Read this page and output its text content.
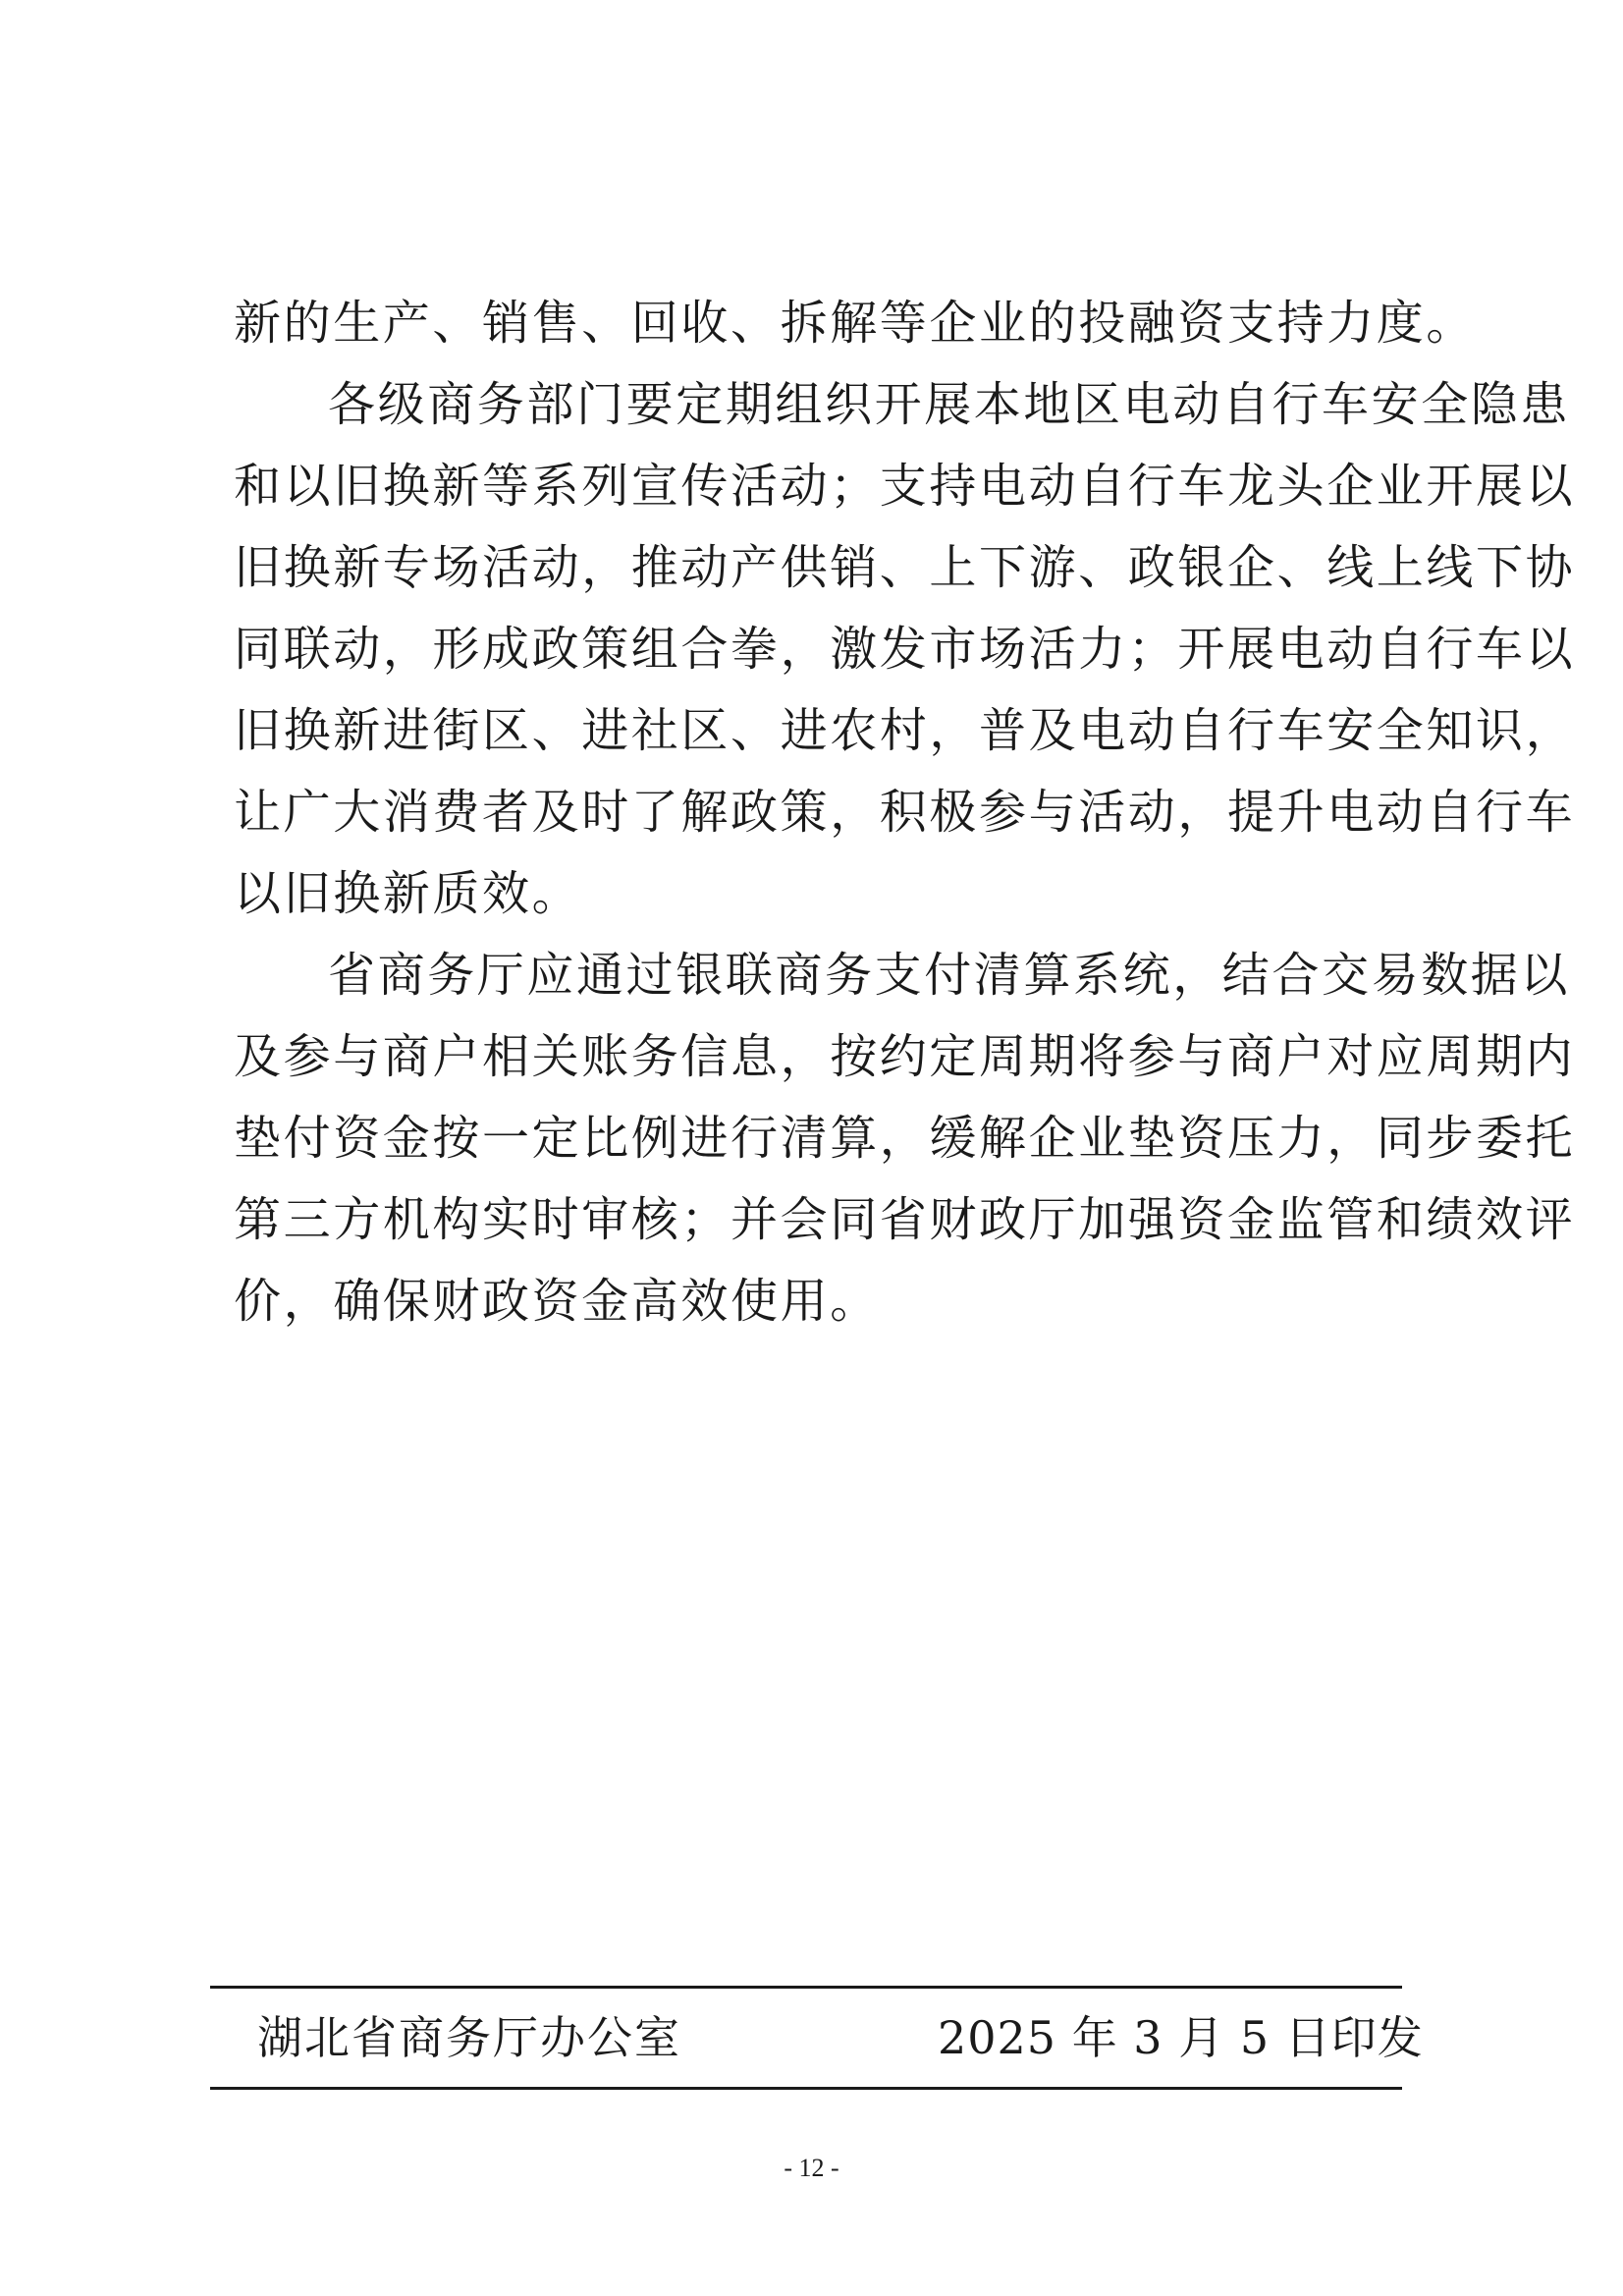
新的生产、销售、回收、拆解等企业的投融资支持力度。
各级商务部门要定期组织开展本地区电动自行车安全隐患
和以旧换新等系列宣传活动；支持电动自行车龙头企业开展以
旧换新专场活动，推动产供销、上下游、政银企、线上线下协
同联动，形成政策组合拳，激发市场活力；开展电动自行车以
旧换新进街区、进社区、进农村，普及电动自行车安全知识，
让广大消费者及时了解政策，积极参与活动，提升电动自行车
以旧换新质效。
省商务厅应通过银联商务支付清算系统，结合交易数据以
及参与商户相关账务信息，按约定周期将参与商户对应周期内
垫付资金按一定比例进行清算，缓解企业垫资压力，同步委托
第三方机构实时审核；并会同省财政厅加强资金监管和绩效评
价，确保财政资金高效使用。
湖北省商务厅办公室	2025 年 3 月 5 日印发
- 12 -
